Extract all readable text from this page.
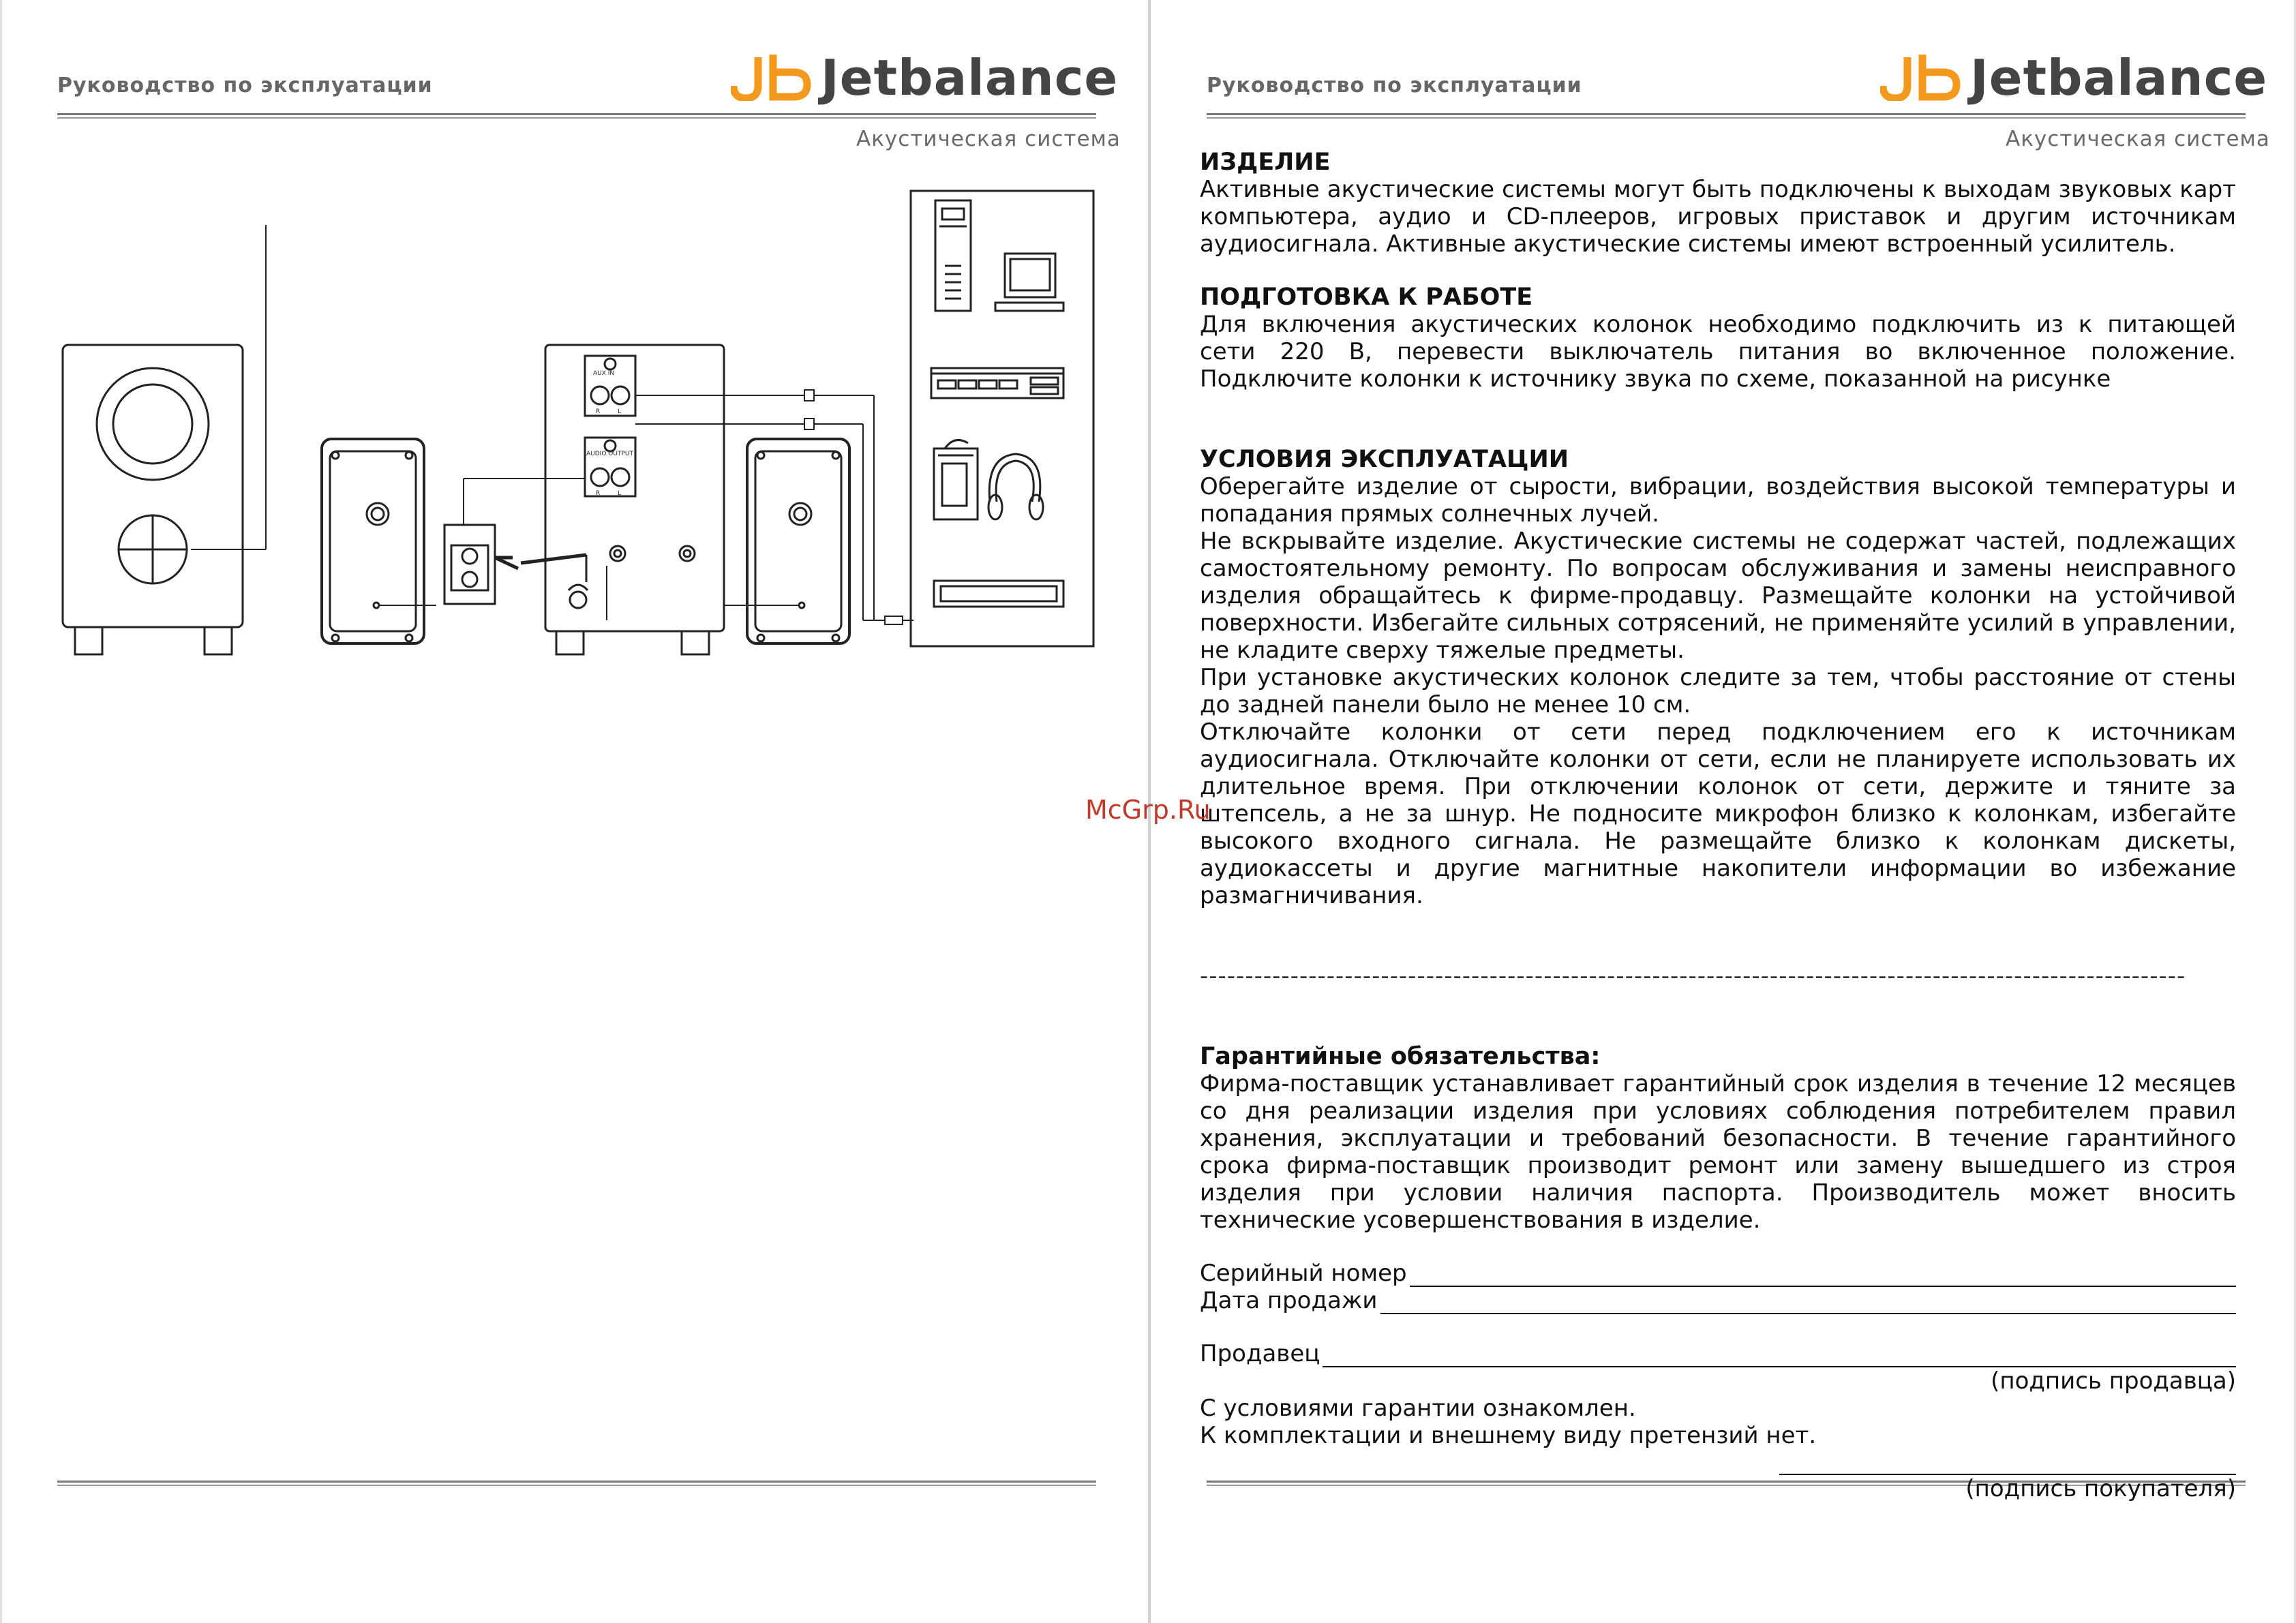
Руководство по эксплуатации	Jetbalance
Акустическая система
AUX IN
AUDIO OUTPUT
R	L
R	L
Руководство по эксплуатации	Jetbalance
Акустическая система

ИЗДЕЛИЕ

Активные акустические системы могут быть подключены к выходам звуковых карт компьютера, аудио и CD-плееров, игровых приставок и другим источникам аудиосигнала. Активные акустические системы имеют встроенный усилитель.

ПОДГОТОВКА К РАБОТЕ

Для включения акустических колонок необходимо подключить из к питающей сети 220 В, перевести выключатель питания во включенное положение. Подключите колонки к источнику звука по схеме, показанной на рисунке

УСЛОВИЯ ЭКСПЛУАТАЦИИ

Оберегайте изделие от сырости, вибрации, воздействия высокой температуры и попадания прямых солнечных лучей.

Не вскрывайте изделие. Акустические системы не содержат частей, подлежащих самостоятельному ремонту. По вопросам обслуживания и замены неисправного изделия обращайтесь к фирме-продавцу. Размещайте колонки на устойчивой поверхности. Избегайте сильных сотрясений, не применяйте усилий в управлении, не кладите сверху тяжелые предметы.

При установке акустических колонок следите за тем, чтобы расстояние от стены до задней панели было не менее 10 см.

Отключайте колонки от сети перед подключением его к источникам аудиосигнала. Отключайте колонки от сети, если не планируете использовать их длительное время. При отключении колонок от сети, держите и тяните за штепсель, а не за шнур. Не подносите микрофон близко к колонкам, избегайте высокого входного сигнала. Не размещайте близко к колонкам дискеты, аудиокассеты и другие магнитные накопители информации во избежание размагничивания.

-------------------------------------------------------------------------------------------------------------

Гарантийные обязательства:

Фирма-поставщик устанавливает гарантийный срок изделия в течение 12 месяцев со дня реализации изделия при условиях соблюдения потребителем правил хранения, эксплуатации и требований безопасности. В течение гарантийного срока фирма-поставщик производит ремонт или замену вышедшего из строя изделия при условии наличия паспорта. Производитель может вносить технические усовершенствования в изделие.

Серийный номер
Дата продажи
Продавец

(подпись продавца)

С условиями гарантии ознакомлен.

К комплектации и внешнему виду претензий нет.

(подпись покупателя)

McGrp.Ru
